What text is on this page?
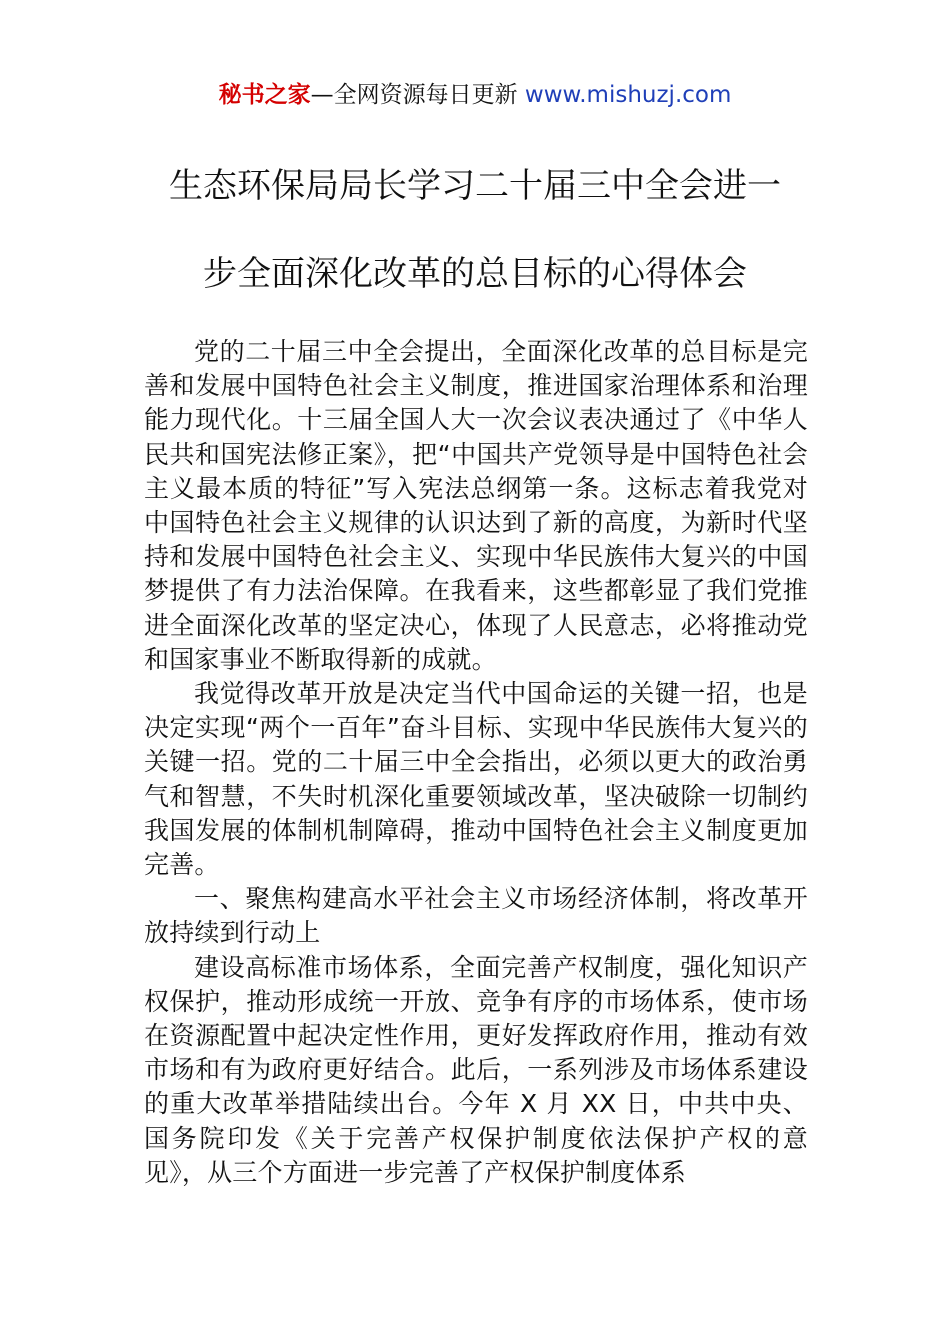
秘书之家—全网资源每日更新 www.mishuzj.com
生态环保局局长学习二十届三中全会进一
步全面深化改革的总目标的心得体会

党的二十届三中全会提出，全面深化改革的总目标是完善和发展中国特色社会主义制度，推进国家治理体系和治理能力现代化。十三届全国人大一次会议表决通过了《中华人民共和国宪法修正案》，把“中国共产党领导是中国特色社会主义最本质的特征”写入宪法总纲第一条。这标志着我党对中国特色社会主义规律的认识达到了新的高度，为新时代坚持和发展中国特色社会主义、实现中华民族伟大复兴的中国梦提供了有力法治保障。在我看来，这些都彰显了我们党推进全面深化改革的坚定决心，体现了人民意志，必将推动党和国家事业不断取得新的成就。

我觉得改革开放是决定当代中国命运的关键一招，也是决定实现“两个一百年”奋斗目标、实现中华民族伟大复兴的关键一招。党的二十届三中全会指出，必须以更大的政治勇气和智慧，不失时机深化重要领域改革，坚决破除一切制约我国发展的体制机制障碍，推动中国特色社会主义制度更加完善。

一、聚焦构建高水平社会主义市场经济体制，将改革开放持续到行动上

建设高标准市场体系，全面完善产权制度，强化知识产权保护，推动形成统一开放、竞争有序的市场体系，使市场在资源配置中起决定性作用，更好发挥政府作用，推动有效市场和有为政府更好结合。此后，一系列涉及市场体系建设的重大改革举措陆续出台。今年 X 月 XX 日，中共中央、国务院印发《关于完善产权保护制度依法保护产权的意见》，从三个方面进一步完善了产权保护制度体系
